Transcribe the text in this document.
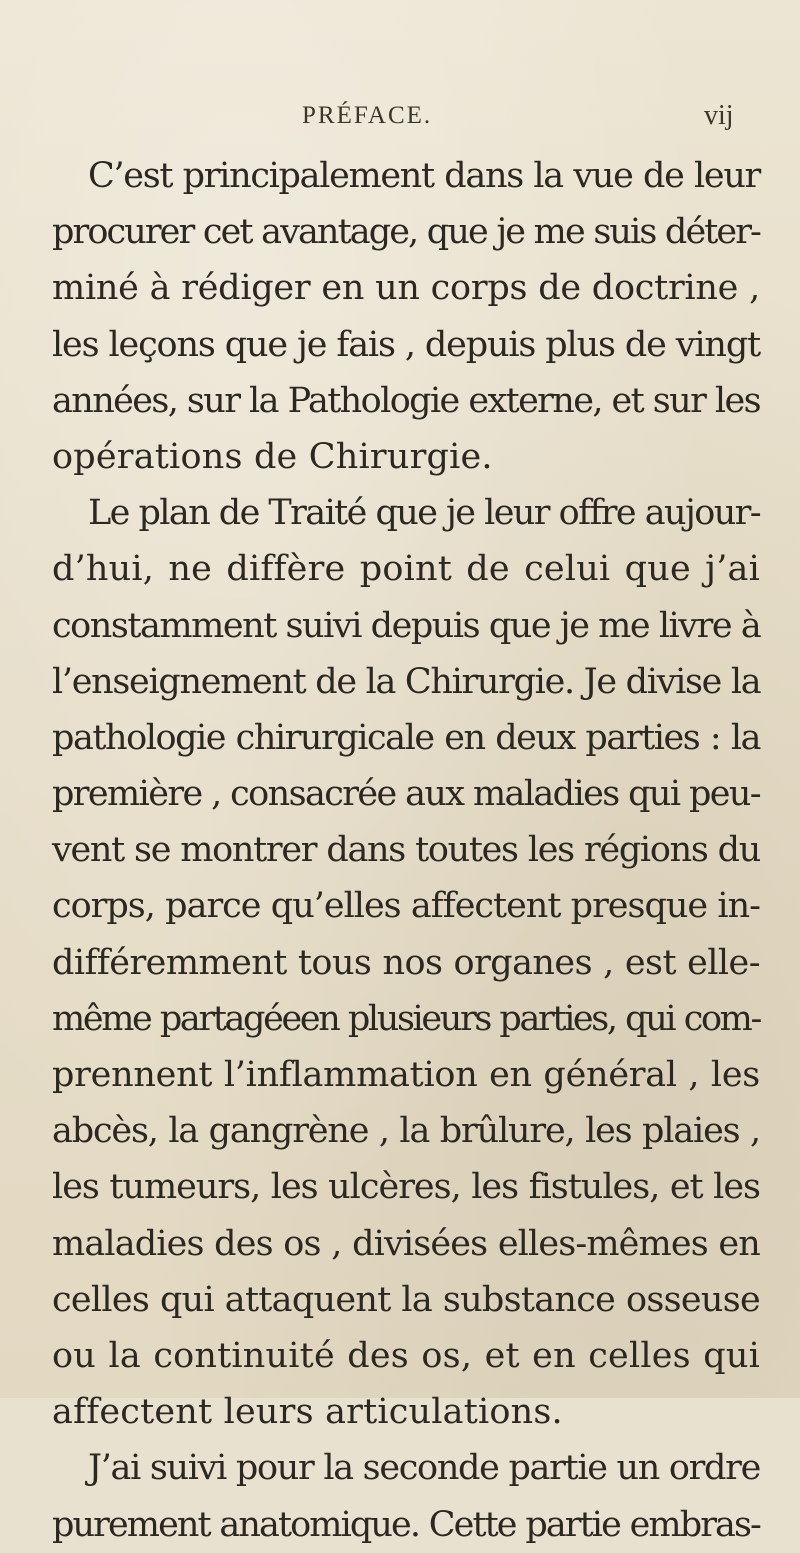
PRÉFACE.	vij
C’est principalement dans la vue de leur
procurer cet avantage, que je me suis déter-
miné à rédiger en un corps de doctrine ,
les leçons que je fais , depuis plus de vingt
années, sur la Pathologie externe, et sur les
opérations de Chirurgie.
Le plan de Traité que je leur offre aujour-
d’hui, ne diffère point de celui que j’ai
constamment suivi depuis que je me livre à
l’enseignement de la Chirurgie. Je divise la
pathologie chirurgicale en deux parties : la
première , consacrée aux maladies qui peu-
vent se montrer dans toutes les régions du
corps, parce qu’elles affectent presque in-
différemment tous nos organes , est elle-
même partagéeen plusieurs parties, qui com-
prennent l’inflammation en général , les
abcès, la gangrène , la brûlure, les plaies ,
les tumeurs, les ulcères, les fistules, et les
maladies des os , divisées elles-mêmes en
celles qui attaquent la substance osseuse
ou la continuité des os, et en celles qui
affectent leurs articulations.
J’ai suivi pour la seconde partie un ordre
purement anatomique. Cette partie embras-
